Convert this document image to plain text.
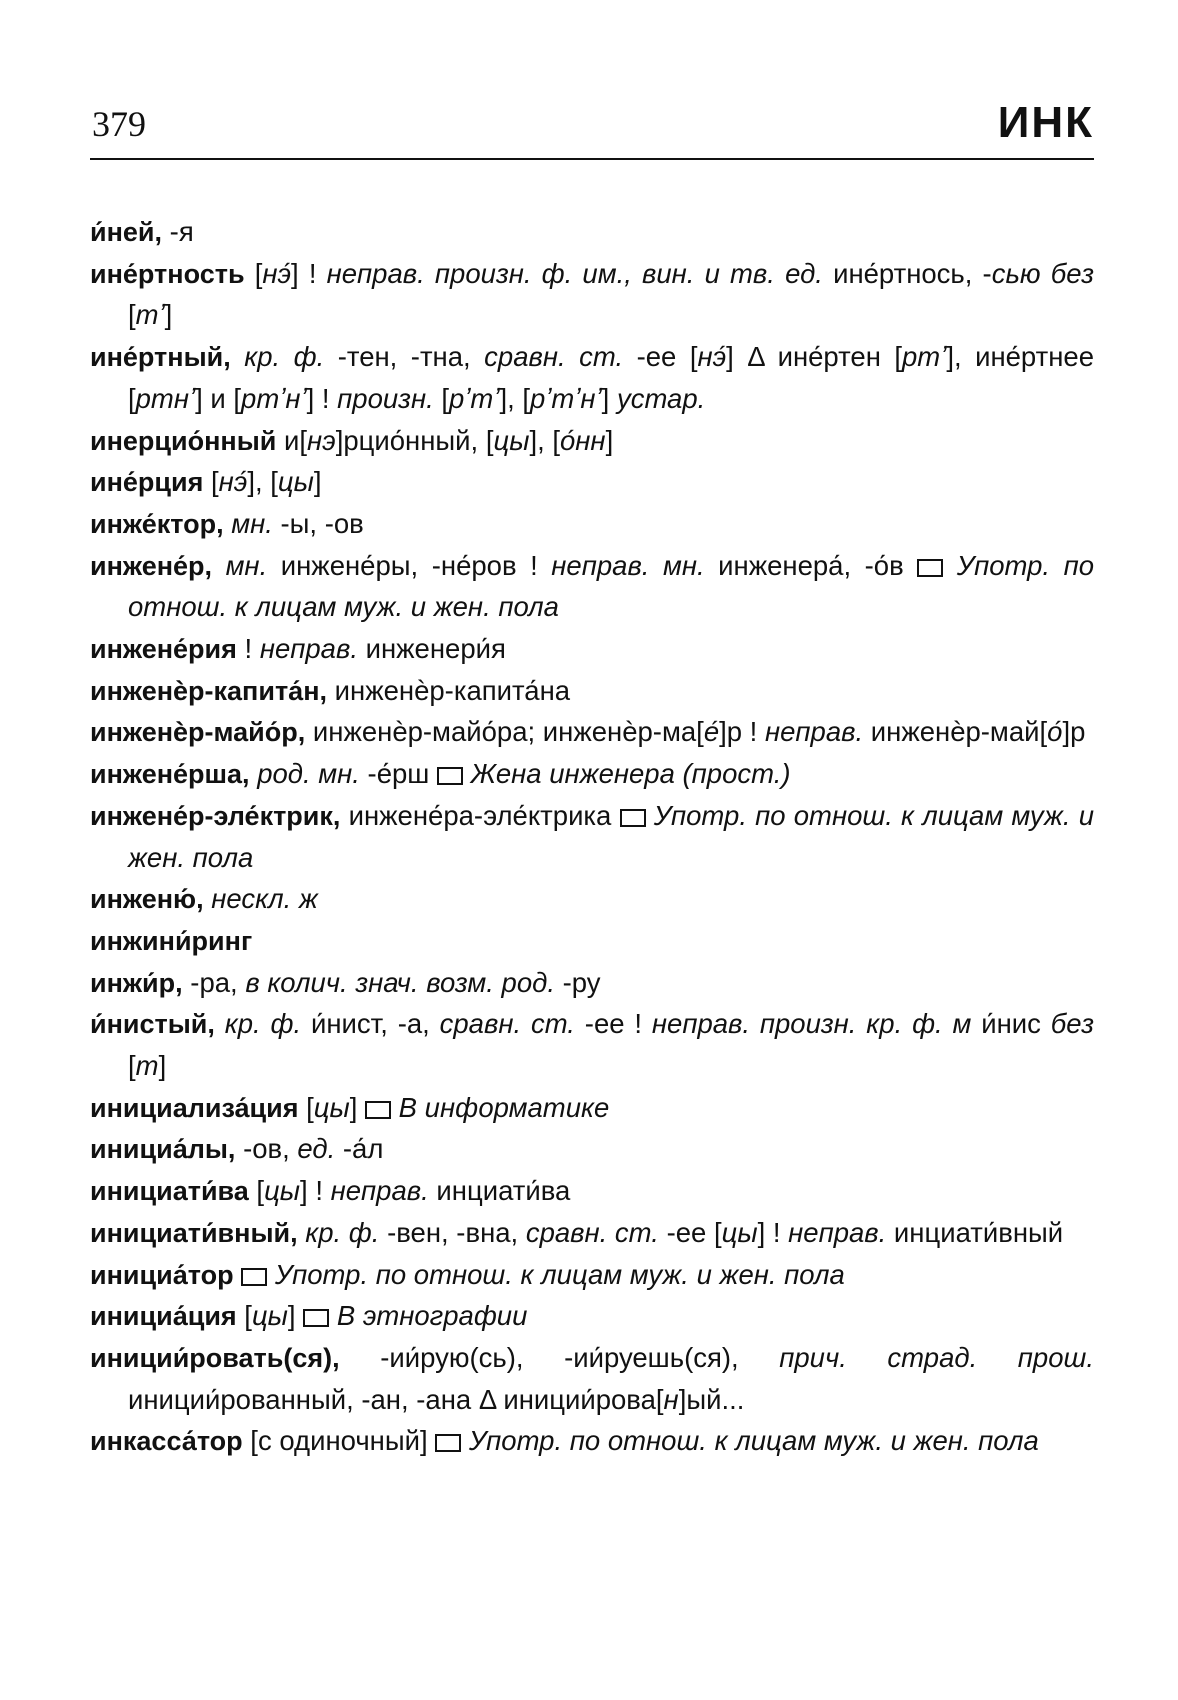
379	ИНК
и́ней, -я
ине́ртность [нэ́] ! неправ. произн. ф. им., вин. и тв. ед. ине́ртнось, -сью без [тʼ]
ине́ртный, кр. ф. -тен, -тна, сравн. ст. -ее [нэ́] Δ ине́ртен [ртʼ], ине́ртнее [ртнʼ] и [ртʼнʼ] ! произн. [рʼтʼ], [рʼтʼнʼ] устар.
инерцио́нный и[нэ]рцио́нный, [цы], [о́нн]
ине́рция [нэ́], [цы]
инже́ктор, мн. -ы, -ов
инжене́р, мн. инжене́ры, -не́ров ! неправ. мн. инженера́, -о́в  Употр. по отнош. к лицам муж. и жен. пола
инжене́рия ! неправ. инженери́я
инженѐр-капита́н, инженѐр-капита́на
инженѐр-майо́р, инженѐр-майо́ра; инженѐр-ма[е́]р ! неправ. инженѐр-май[о́]р
инжене́рша, род. мн. -е́рш  Жена инженера (прост.)
инжене́р-эле́ктрик, инжене́ра-эле́ктрика  Употр. по отнош. к лицам муж. и жен. пола
инженю́, нескл. ж
инжини́ринг
инжи́р, -ра, в колич. знач. возм. род. -ру
и́нистый, кр. ф. и́нист, -а, сравн. ст. -ее ! неправ. произн. кр. ф. м и́нис без [т]
инициализа́ция [цы]  В информатике
инициа́лы, -ов, ед. -а́л
инициати́ва [цы] ! неправ. инциати́ва
инициати́вный, кр. ф. -вен, -вна, сравн. ст. -ее [цы] ! неправ. инциати́вный
инициа́тор Употр. по отнош. к лицам муж. и жен. пола
инициа́ция [цы]  В этнографии
иниции́ровать(ся), -ии́рую(сь), -ии́руешь(ся), прич. страд. прош. иниции́рованный, -ан, -ана Δ иниции́рова[н]ый...
инкасса́тор [с одиночный]  Употр. по отнош. к лицам муж. и жен. пола
